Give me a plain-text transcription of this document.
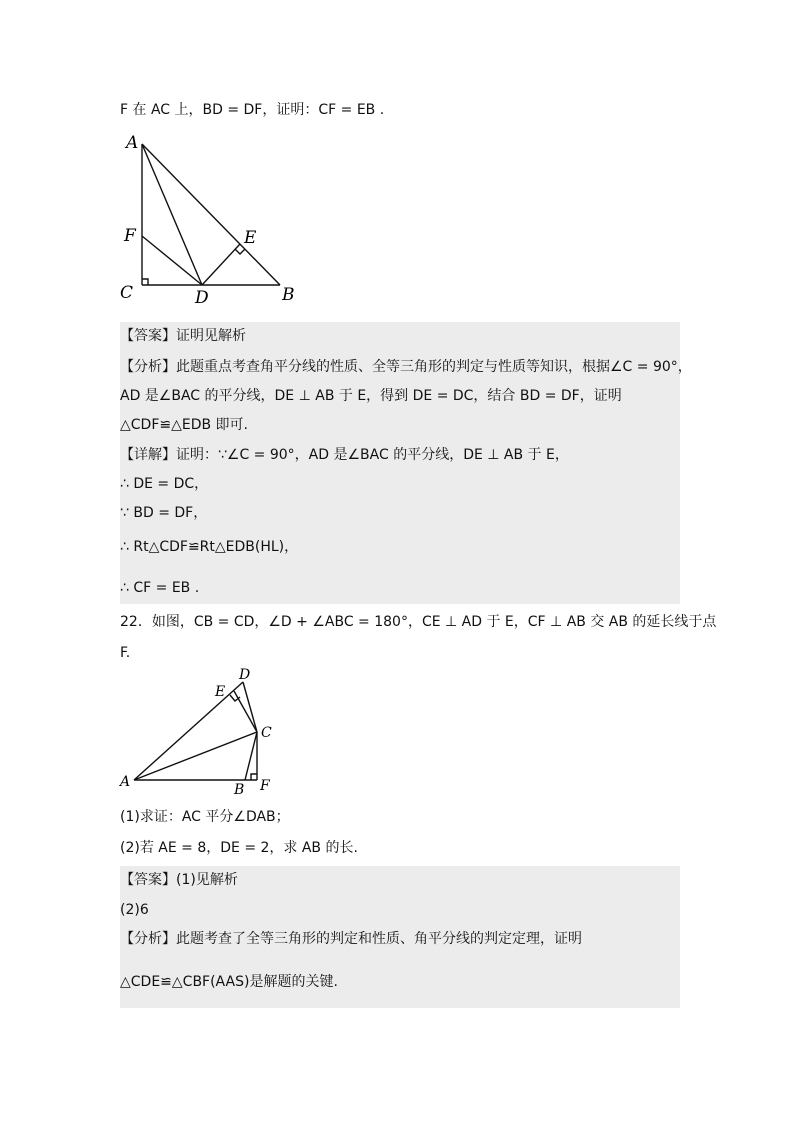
F 在 AC 上，BD = DF，证明：CF = EB .
A
F
C	D
E
B
【答案】证明见解析
【分析】此题重点考查角平分线的性质、全等三角形的判定与性质等知识，根据∠C = 90°，
AD 是∠BAC 的平分线，DE ⊥ AB 于 E，得到 DE = DC，结合 BD = DF，证明
△CDF≌△EDB 即可.
【详解】证明：∵∠C = 90°，AD 是∠BAC 的平分线，DE ⊥ AB 于 E，
∴ DE = DC，
∵ BD = DF，
∴ Rt△CDF≌Rt△EDB(HL)，
∴ CF = EB .
22．如图，CB = CD，∠D + ∠ABC = 180°，CE ⊥ AD 于 E，CF ⊥ AB 交 AB 的延长线于点
F.
D
E
C
A	B F
(1)求证：AC 平分∠DAB；
(2)若 AE = 8，DE = 2，求 AB 的长.
【答案】(1)见解析
(2)6
【分析】此题考查了全等三角形的判定和性质、角平分线的判定定理，证明
△CDE≌△CBF(AAS)是解题的关键.
